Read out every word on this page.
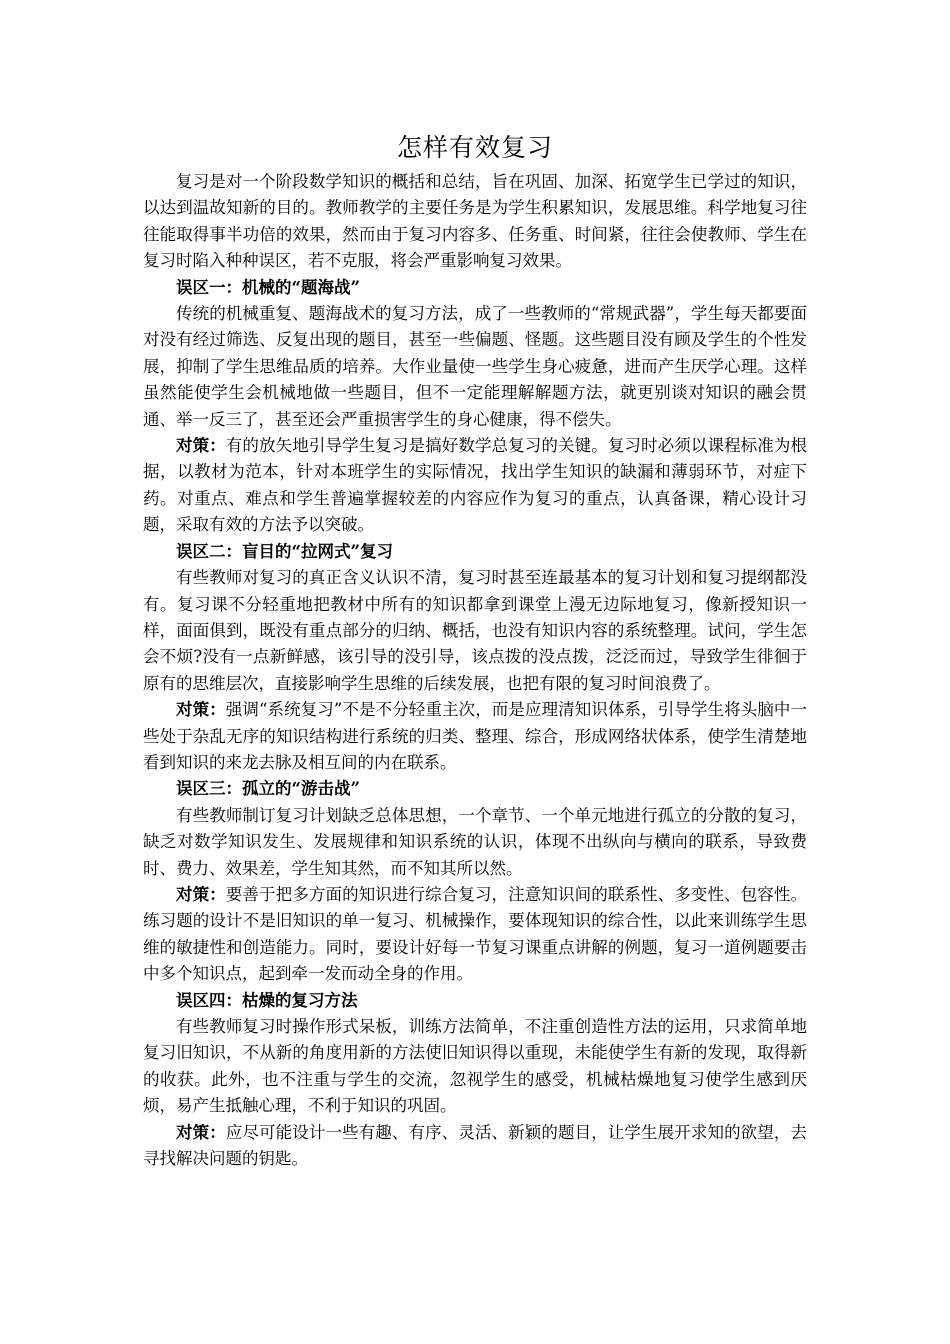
怎样有效复习

复习是对一个阶段数学知识的概括和总结，旨在巩固、加深、拓宽学生已学过的知识，以达到温故知新的目的。教师教学的主要任务是为学生积累知识，发展思维。科学地复习往往能取得事半功倍的效果，然而由于复习内容多、任务重、时间紧，往往会使教师、学生在复习时陷入种种误区，若不克服，将会严重影响复习效果。

误区一：机械的“题海战”

传统的机械重复、题海战术的复习方法，成了一些教师的“常规武器”，学生每天都要面对没有经过筛选、反复出现的题目，甚至一些偏题、怪题。这些题目没有顾及学生的个性发展，抑制了学生思维品质的培养。大作业量使一些学生身心疲惫，进而产生厌学心理。这样虽然能使学生会机械地做一些题目，但不一定能理解解题方法，就更别谈对知识的融会贯通、举一反三了，甚至还会严重损害学生的身心健康，得不偿失。

对策：有的放矢地引导学生复习是搞好数学总复习的关键。复习时必须以课程标准为根据，以教材为范本，针对本班学生的实际情况，找出学生知识的缺漏和薄弱环节，对症下药。对重点、难点和学生普遍掌握较差的内容应作为复习的重点，认真备课，精心设计习题，采取有效的方法予以突破。

误区二：盲目的“拉网式”复习

有些教师对复习的真正含义认识不清，复习时甚至连最基本的复习计划和复习提纲都没有。复习课不分轻重地把教材中所有的知识都拿到课堂上漫无边际地复习，像新授知识一样，面面俱到，既没有重点部分的归纳、概括，也没有知识内容的系统整理。试问，学生怎会不烦?没有一点新鲜感，该引导的没引导，该点拨的没点拨，泛泛而过，导致学生徘徊于原有的思维层次，直接影响学生思维的后续发展，也把有限的复习时间浪费了。

对策：强调“系统复习”不是不分轻重主次，而是应理清知识体系，引导学生将头脑中一些处于杂乱无序的知识结构进行系统的归类、整理、综合，形成网络状体系，使学生清楚地看到知识的来龙去脉及相互间的内在联系。

误区三：孤立的“游击战”

有些教师制订复习计划缺乏总体思想，一个章节、一个单元地进行孤立的分散的复习，缺乏对数学知识发生、发展规律和知识系统的认识，体现不出纵向与横向的联系，导致费时、费力、效果差，学生知其然，而不知其所以然。

对策：要善于把多方面的知识进行综合复习，注意知识间的联系性、多变性、包容性。练习题的设计不是旧知识的单一复习、机械操作，要体现知识的综合性，以此来训练学生思维的敏捷性和创造能力。同时，要设计好每一节复习课重点讲解的例题，复习一道例题要击中多个知识点，起到牵一发而动全身的作用。

误区四：枯燥的复习方法

有些教师复习时操作形式呆板，训练方法简单，不注重创造性方法的运用，只求简单地复习旧知识，不从新的角度用新的方法使旧知识得以重现，未能使学生有新的发现，取得新的收获。此外，也不注重与学生的交流，忽视学生的感受，机械枯燥地复习使学生感到厌烦，易产生抵触心理，不利于知识的巩固。

对策：应尽可能设计一些有趣、有序、灵活、新颖的题目，让学生展开求知的欲望，去寻找解决问题的钥匙。
